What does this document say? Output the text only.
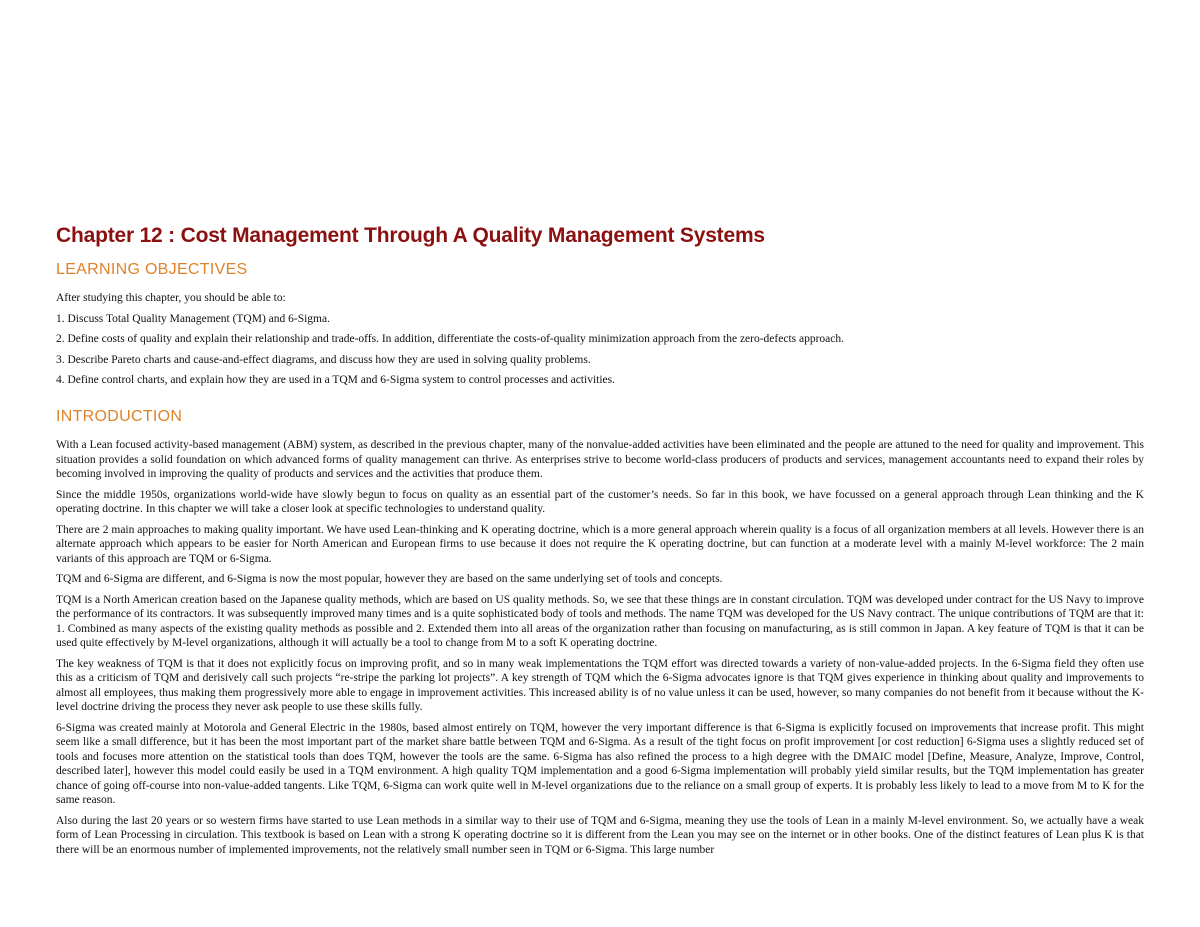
Chapter 12 : Cost Management Through A Quality Management Systems
LEARNING OBJECTIVES

After studying this chapter, you should be able to:

1. Discuss Total Quality Management (TQM) and 6-Sigma.

2. Define costs of quality and explain their relationship and trade-offs. In addition, differentiate the costs-of-quality minimization approach from the zero-defects approach.

3. Describe Pareto charts and cause-and-effect diagrams, and discuss how they are used in solving quality problems.

4. Define control charts, and explain how they are used in a TQM and 6-Sigma system to control processes and activities.

INTRODUCTION

With a Lean focused activity-based management (ABM) system, as described in the previous chapter, many of the nonvalue-added activities have been eliminated and the people are attuned to the need for quality and improvement. This situation provides a solid foundation on which advanced forms of quality management can thrive. As enterprises strive to become world-class producers of products and services, management accountants need to expand their roles by becoming involved in improving the quality of products and services and the activities that produce them.

Since the middle 1950s, organizations world-wide have slowly begun to focus on quality as an essential part of the customer’s needs. So far in this book, we have focussed on a general approach through Lean thinking and the K operating doctrine. In this chapter we will take a closer look at specific technologies to understand quality.

There are 2 main approaches to making quality important. We have used Lean-thinking and K operating doctrine, which is a more general approach wherein quality is a focus of all organization members at all levels. However there is an alternate approach which appears to be easier for North American and European firms to use because it does not require the K operating doctrine, but can function at a moderate level with a mainly M-level workforce: The 2 main variants of this approach are TQM or 6-Sigma.

TQM and 6-Sigma are different, and 6-Sigma is now the most popular, however they are based on the same underlying set of tools and concepts.

TQM is a North American creation based on the Japanese quality methods, which are based on US quality methods. So, we see that these things are in constant circulation. TQM was developed under contract for the US Navy to improve the performance of its contractors. It was subsequently improved many times and is a quite sophisticated body of tools and methods. The name TQM was developed for the US Navy contract. The unique contributions of TQM are that it: 1. Combined as many aspects of the existing quality methods as possible and 2. Extended them into all areas of the organization rather than focusing on manufacturing, as is still common in Japan. A key feature of TQM is that it can be used quite effectively by M-level organizations, although it will actually be a tool to change from M to a soft K operating doctrine.

The key weakness of TQM is that it does not explicitly focus on improving profit, and so in many weak implementations the TQM effort was directed towards a variety of non-value-added projects. In the 6-Sigma field they often use this as a criticism of TQM and derisively call such projects “re-stripe the parking lot projects”. A key strength of TQM which the 6-Sigma advocates ignore is that TQM gives experience in thinking about quality and improvements to almost all employees, thus making them progressively more able to engage in improvement activities. This increased ability is of no value unless it can be used, however, so many companies do not benefit from it because without the K-level doctrine driving the process they never ask people to use these skills fully.

6-Sigma was created mainly at Motorola and General Electric in the 1980s, based almost entirely on TQM, however the very important difference is that 6-Sigma is explicitly focused on improvements that increase profit. This might seem like a small difference, but it has been the most important part of the market share battle between TQM and 6-Sigma. As a result of the tight focus on profit improvement [or cost reduction] 6-Sigma uses a slightly reduced set of tools and focuses more attention on the statistical tools than does TQM, however the tools are the same. 6-Sigma has also refined the process to a high degree with the DMAIC model [Define, Measure, Analyze, Improve, Control, described later], however this model could easily be used in a TQM environment. A high quality TQM implementation and a good 6-Sigma implementation will probably yield similar results, but the TQM implementation has greater chance of going off-course into non-value-added tangents. Like TQM, 6-Sigma can work quite well in M-level organizations due to the reliance on a small group of experts. It is probably less likely to lead to a move from M to K for the same reason.

Also during the last 20 years or so western firms have started to use Lean methods in a similar way to their use of TQM and 6-Sigma, meaning they use the tools of Lean in a mainly M-level environment. So, we actually have a weak form of Lean Processing in circulation. This textbook is based on Lean with a strong K operating doctrine so it is different from the Lean you may see on the internet or in other books. One of the distinct features of Lean plus K is that there will be an enormous number of implemented improvements, not the relatively small number seen in TQM or 6-Sigma. This large number
